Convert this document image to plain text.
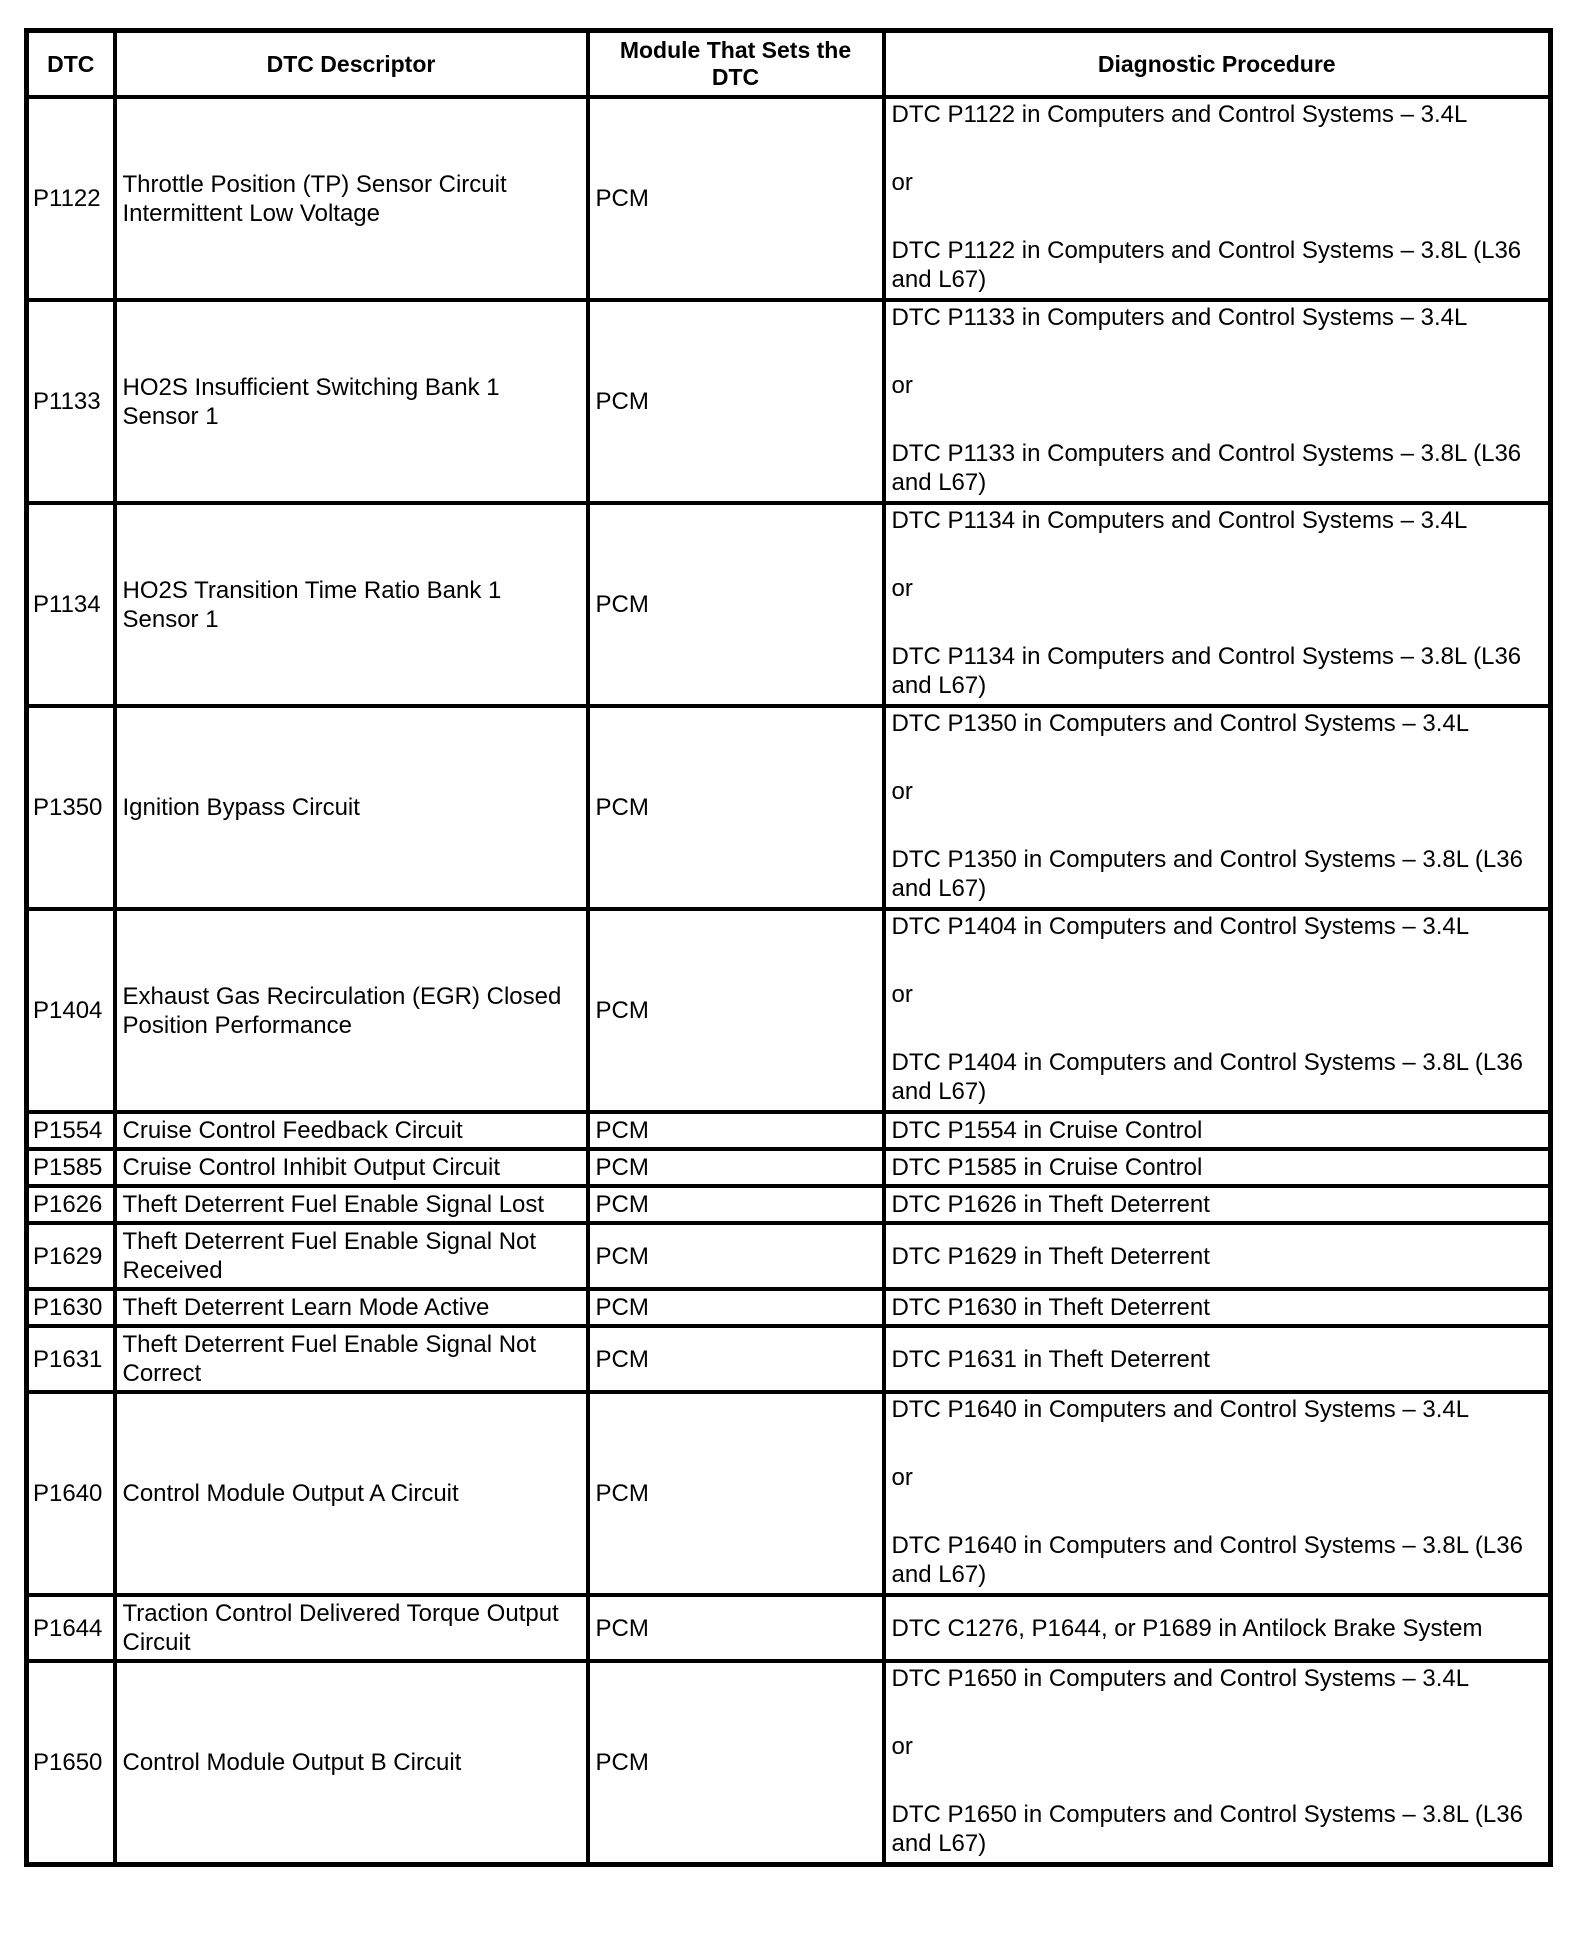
DTC	DTC Descriptor	Module That Sets the DTC	Diagnostic Procedure
P1122	Throttle Position (TP) Sensor Circuit Intermittent Low Voltage	PCM	DTC P1122 in Computers and Control Systems – 3.4L
or
DTC P1122 in Computers and Control Systems – 3.8L (L36 and L67)

P1133	HO2S Insufficient Switching Bank 1 Sensor 1	PCM	DTC P1133 in Computers and Control Systems – 3.4L
or
DTC P1133 in Computers and Control Systems – 3.8L (L36 and L67)

P1134	HO2S Transition Time Ratio Bank 1 Sensor 1	PCM	DTC P1134 in Computers and Control Systems – 3.4L
or
DTC P1134 in Computers and Control Systems – 3.8L (L36 and L67)

P1350	Ignition Bypass Circuit	PCM	DTC P1350 in Computers and Control Systems – 3.4L
or
DTC P1350 in Computers and Control Systems – 3.8L (L36 and L67)

P1404	Exhaust Gas Recirculation (EGR) Closed Position Performance	PCM	DTC P1404 in Computers and Control Systems – 3.4L
or
DTC P1404 in Computers and Control Systems – 3.8L (L36 and L67)

P1554	Cruise Control Feedback Circuit	PCM	DTC P1554 in Cruise Control
P1585	Cruise Control Inhibit Output Circuit	PCM	DTC P1585 in Cruise Control
P1626	Theft Deterrent Fuel Enable Signal Lost	PCM	DTC P1626 in Theft Deterrent
P1629	Theft Deterrent Fuel Enable Signal Not Received	PCM	DTC P1629 in Theft Deterrent
P1630	Theft Deterrent Learn Mode Active	PCM	DTC P1630 in Theft Deterrent
P1631	Theft Deterrent Fuel Enable Signal Not Correct	PCM	DTC P1631 in Theft Deterrent
P1640	Control Module Output A Circuit	PCM	DTC P1640 in Computers and Control Systems – 3.4L
or
DTC P1640 in Computers and Control Systems – 3.8L (L36 and L67)

P1644	Traction Control Delivered Torque Output Circuit	PCM	DTC C1276, P1644, or P1689 in Antilock Brake System
P1650	Control Module Output B Circuit	PCM	DTC P1650 in Computers and Control Systems – 3.4L
or
DTC P1650 in Computers and Control Systems – 3.8L (L36 and L67)
